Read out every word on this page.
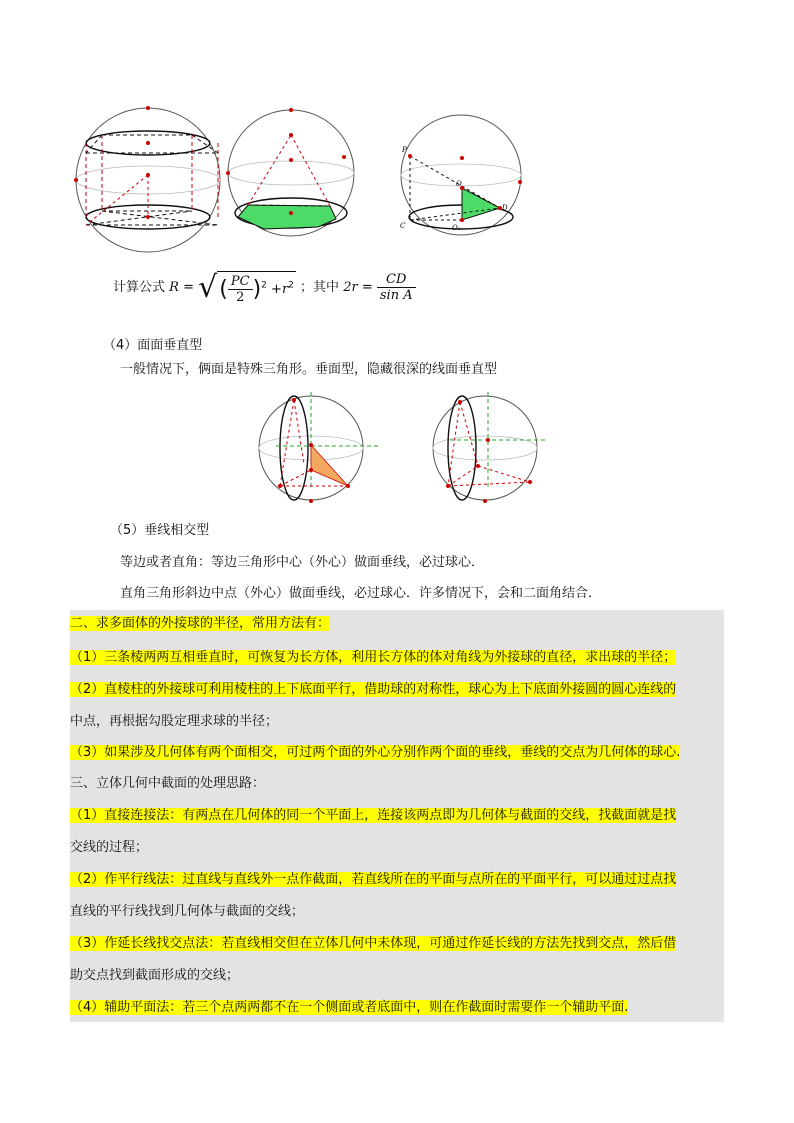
P
O
O₁
D
C
计算公式 R = √( $\frac{PC}{2} )^2 +r^2$ ；其中 $2r = \frac{CD}{\text{sin A}}$
（4）面面垂直型
一般情况下，俩面是特殊三角形。垂面型，隐藏很深的线面垂直型
（5）垂线相交型
等边或者直角：等边三角形中心（外心）做面垂线，必过球心．
直角三角形斜边中点（外心）做面垂线，必过球心．许多情况下，会和二面角结合．
二、求多面体的外接球的半径，常用方法有：
（1）三条棱两两互相垂直时，可恢复为长方体，利用长方体的体对角线为外接球的直径，求出球的半径；
（2）直棱柱的外接球可利用棱柱的上下底面平行，借助球的对称性，球心为上下底面外接圆的圆心连线的
中点，再根据勾股定理求球的半径；
（3）如果涉及几何体有两个面相交，可过两个面的外心分别作两个面的垂线，垂线的交点为几何体的球心.
三、立体几何中截面的处理思路：
（1）直接连接法：有两点在几何体的同一个平面上，连接该两点即为几何体与截面的交线，找截面就是找
交线的过程；
（2）作平行线法：过直线与直线外一点作截面，若直线所在的平面与点所在的平面平行，可以通过过点找
直线的平行线找到几何体与截面的交线；
（3）作延长线找交点法：若直线相交但在立体几何中未体现，可通过作延长线的方法先找到交点，然后借
助交点找到截面形成的交线；
（4）辅助平面法：若三个点两两都不在一个侧面或者底面中，则在作截面时需要作一个辅助平面.
